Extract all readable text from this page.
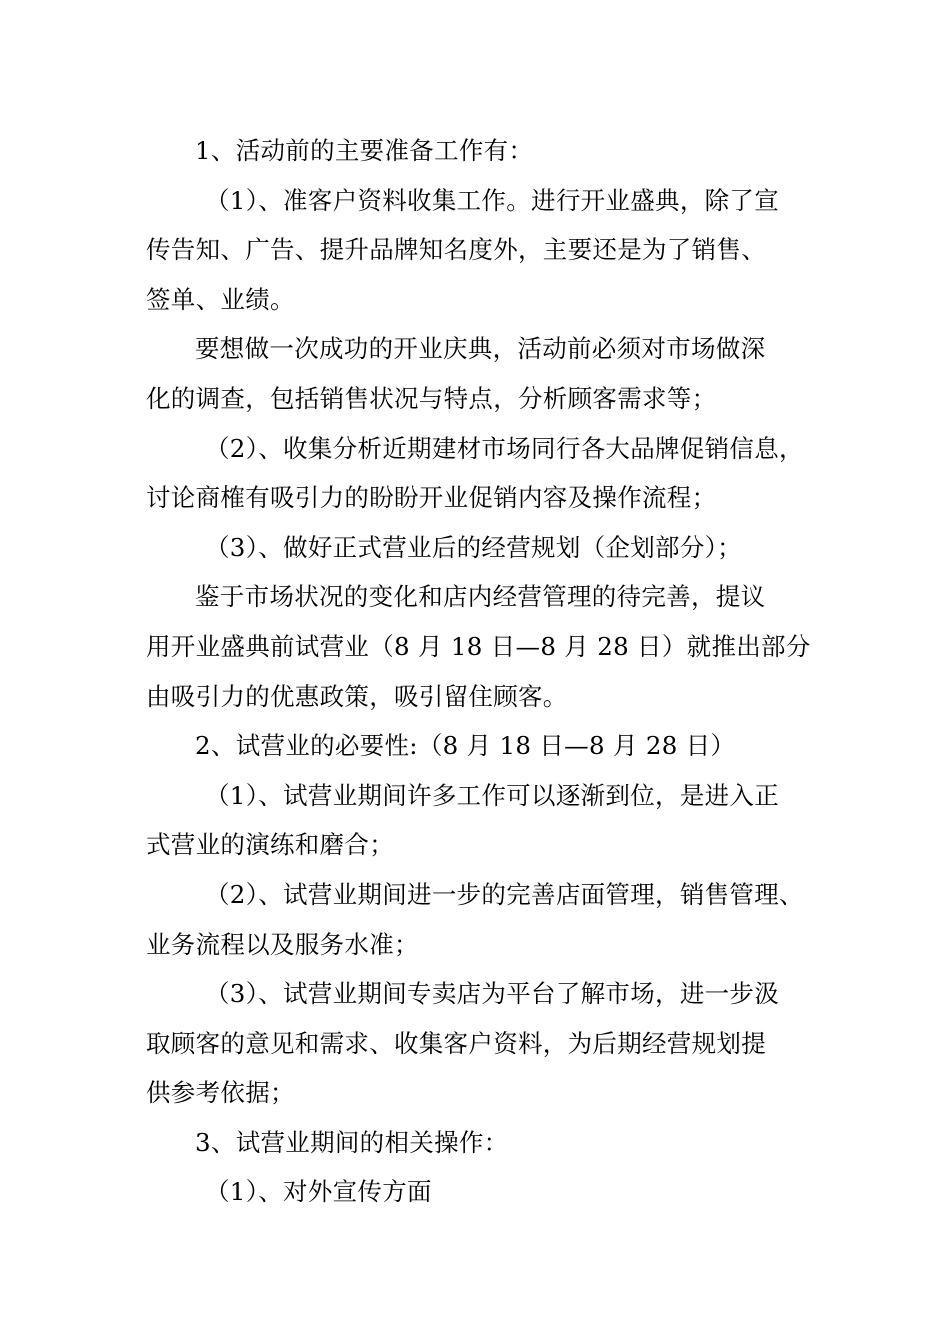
1、活动前的主要准备工作有：
（1）、准客户资料收集工作。进行开业盛典，除了宣
传告知、广告、提升品牌知名度外，主要还是为了销售、
签单、业绩。
要想做一次成功的开业庆典，活动前必须对市场做深
化的调查，包括销售状况与特点，分析顾客需求等；
（2）、收集分析近期建材市场同行各大品牌促销信息，
讨论商榷有吸引力的盼盼开业促销内容及操作流程；
（3）、做好正式营业后的经营规划（企划部分）；
鉴于市场状况的变化和店内经营管理的待完善，提议
用开业盛典前试营业（8 月 18 日—8 月 28 日）就推出部分
由吸引力的优惠政策，吸引留住顾客。
2、试营业的必要性:（8 月 18 日—8 月 28 日）
（1）、试营业期间许多工作可以逐渐到位，是进入正
式营业的演练和磨合；
（2）、试营业期间进一步的完善店面管理，销售管理、
业务流程以及服务水准；
（3）、试营业期间专卖店为平台了解市场，进一步汲
取顾客的意见和需求、收集客户资料，为后期经营规划提
供参考依据；
3、试营业期间的相关操作：
（1）、对外宣传方面
